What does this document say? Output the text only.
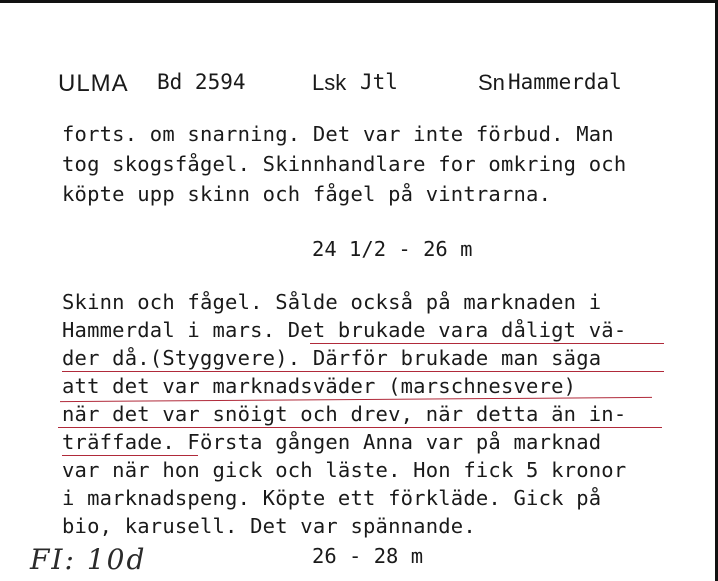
ULMA Bd 2594	Lsk Jtl	Sn Hammerdal
forts. om snarning. Det var inte förbud. Man
tog skogsfågel. Skinnhandlare for omkring och
köpte upp skinn och fågel på vintrarna.
24 1/2 - 26 m
Skinn och fågel. Sålde också på marknaden i
Hammerdal i mars. Det brukade vara dåligt vä-
der då.(Styggvere). Därför brukade man säga
att det var marknadsväder (marschnesvere)
när det var snöigt och drev, när detta än in-
träffade. Första gången Anna var på marknad
var när hon gick och läste. Hon fick 5 kronor
i marknadspeng. Köpte ett förkläde. Gick på
bio, karusell. Det var spännande.
26 - 28 m
FI: 10d
